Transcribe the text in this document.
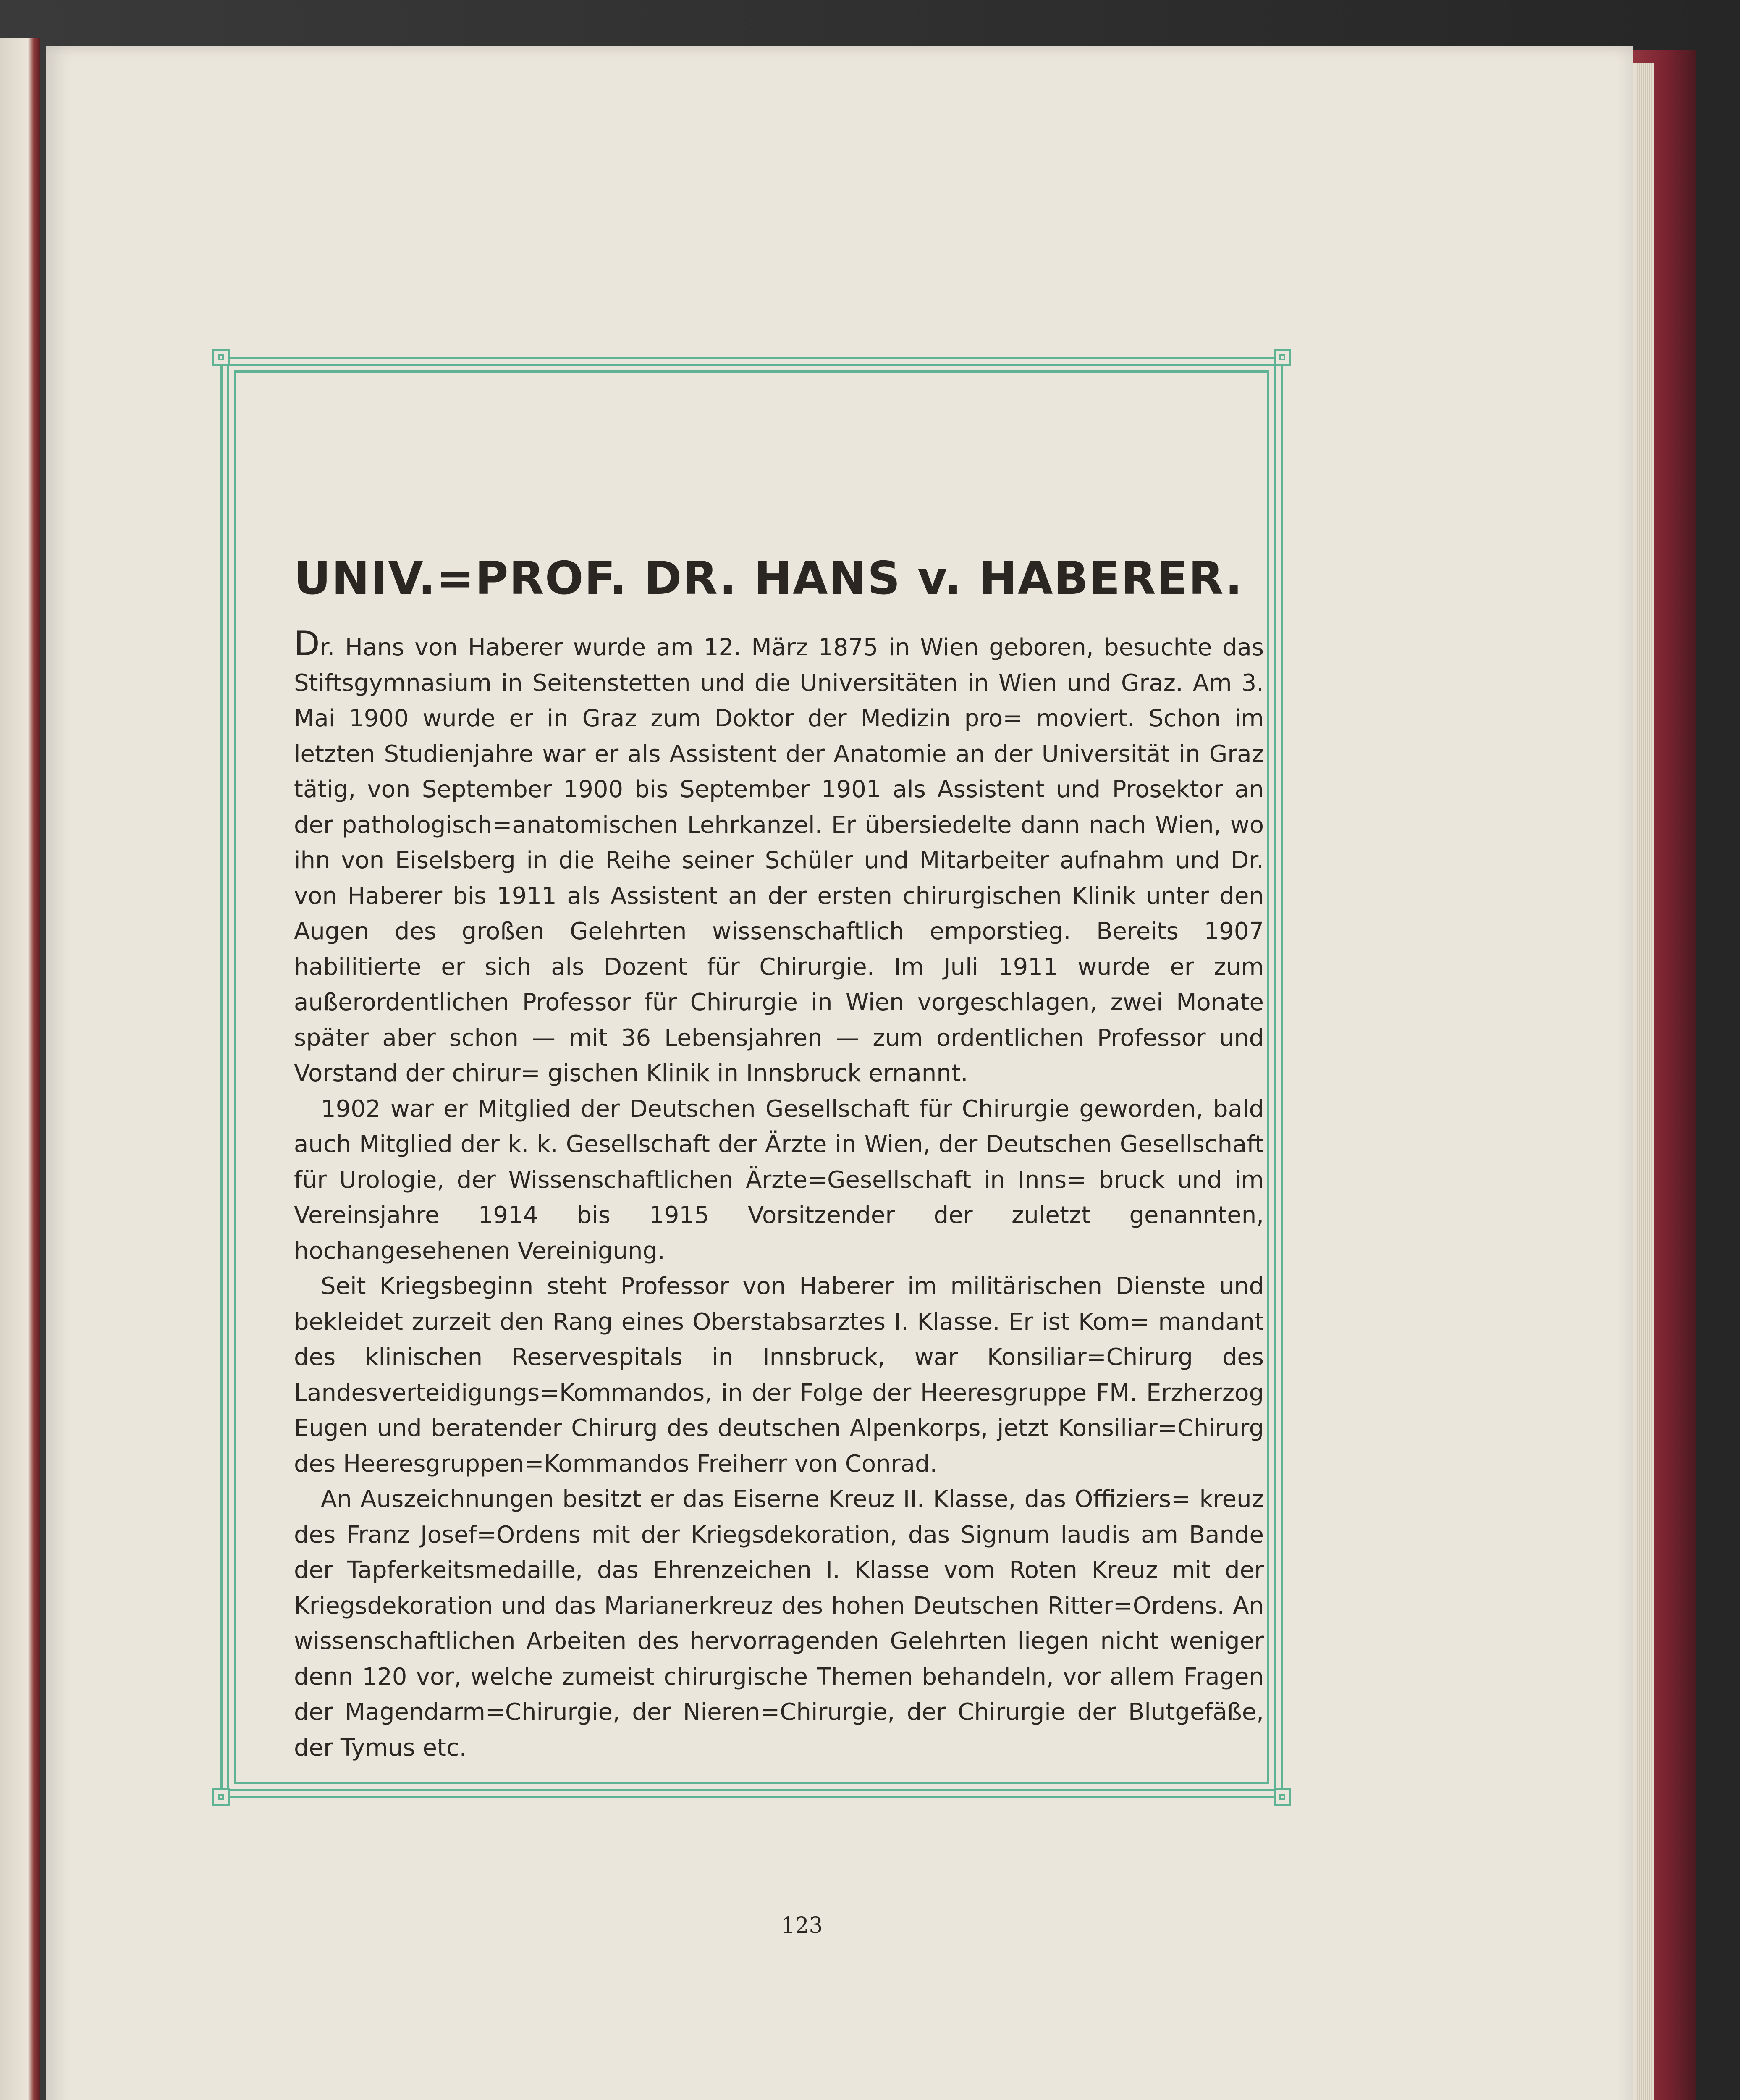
UNIV.=PROF. DR. HANS v. HABERER.

Dr. Hans von Haberer wurde am 12. März 1875 in Wien geboren, besuchte das Stiftsgymnasium in Seitenstetten und die Universitäten in Wien und Graz. Am 3. Mai 1900 wurde er in Graz zum Doktor der Medizin pro= moviert. Schon im letzten Studienjahre war er als Assistent der Anatomie an der Universität in Graz tätig, von September 1900 bis September 1901 als Assistent und Prosektor an der pathologisch=anatomischen Lehrkanzel. Er übersiedelte dann nach Wien, wo ihn von Eiselsberg in die Reihe seiner Schüler und Mitarbeiter aufnahm und Dr. von Haberer bis 1911 als Assistent an der ersten chirurgischen Klinik unter den Augen des großen Gelehrten wissenschaftlich emporstieg. Bereits 1907 habilitierte er sich als Dozent für Chirurgie. Im Juli 1911 wurde er zum außerordentlichen Professor für Chirurgie in Wien vorgeschlagen, zwei Monate später aber schon — mit 36 Lebensjahren — zum ordentlichen Professor und Vorstand der chirur= gischen Klinik in Innsbruck ernannt.

1902 war er Mitglied der Deutschen Gesellschaft für Chirurgie geworden, bald auch Mitglied der k. k. Gesellschaft der Ärzte in Wien, der Deutschen Gesellschaft für Urologie, der Wissenschaftlichen Ärzte=Gesellschaft in Inns= bruck und im Vereinsjahre 1914 bis 1915 Vorsitzender der zuletzt genannten, hochangesehenen Vereinigung.

Seit Kriegsbeginn steht Professor von Haberer im militärischen Dienste und bekleidet zurzeit den Rang eines Oberstabsarztes I. Klasse. Er ist Kom= mandant des klinischen Reservespitals in Innsbruck, war Konsiliar=Chirurg des Landesverteidigungs=Kommandos, in der Folge der Heeresgruppe FM. Erzherzog Eugen und beratender Chirurg des deutschen Alpenkorps, jetzt Konsiliar=Chirurg des Heeresgruppen=Kommandos Freiherr von Conrad.

An Auszeichnungen besitzt er das Eiserne Kreuz II. Klasse, das Offiziers= kreuz des Franz Josef=Ordens mit der Kriegsdekoration, das Signum laudis am Bande der Tapferkeitsmedaille, das Ehrenzeichen I. Klasse vom Roten Kreuz mit der Kriegsdekoration und das Marianerkreuz des hohen Deutschen Ritter=Ordens. An wissenschaftlichen Arbeiten des hervorragenden Gelehrten liegen nicht weniger denn 120 vor, welche zumeist chirurgische Themen behandeln, vor allem Fragen der Magendarm=Chirurgie, der Nieren=Chirurgie, der Chirurgie der Blutgefäße, der Tymus etc.

123
